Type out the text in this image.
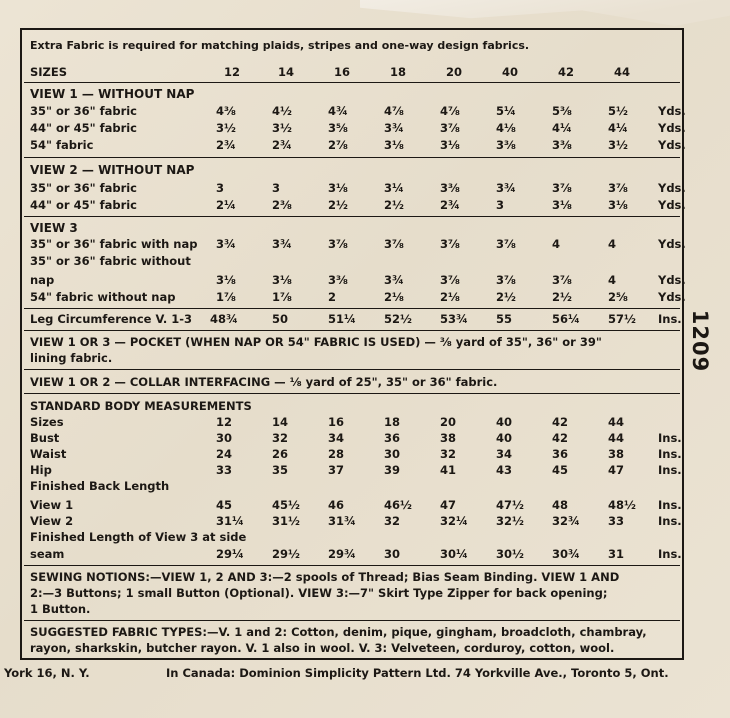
Extra Fabric is required for matching plaids, stripes and one-way design fabrics.
SIZES	12	14	16	18	20	40	42	44
VIEW 1 — WITHOUT NAP
35" or 36" fabric	4⅜	4½	4¾	4⅞	4⅞	5¼	5⅜	5½	Yds.
44" or 45" fabric	3½	3½	3⅝	3¾	3⅞	4⅛	4¼	4¼	Yds.
54" fabric	2¾	2¾	2⅞	3⅛	3⅛	3⅜	3⅜	3½	Yds.
VIEW 2 — WITHOUT NAP
35" or 36" fabric	3	3	3⅛	3¼	3⅜	3¾	3⅞	3⅞	Yds.
44" or 45" fabric	2¼	2⅜	2½	2½	2¾	3	3⅛	3⅛	Yds.
VIEW 3
35" or 36" fabric with nap 3¾	3¾	3⅞	3⅞	3⅞	3⅞	4	4	Yds.
35" or 36" fabric without
nap	3⅛	3⅛	3⅜	3¾	3⅞	3⅞	3⅞	4	Yds.
54" fabric without nap	1⅞	1⅞	2	2⅛	2⅛	2½	2½	2⅝	Yds.
Leg Circumference V. 1-3 48¾	50	51¼ 52½ 53¾ 55	56¼ 57½ Ins.
VIEW 1 OR 3 — POCKET (WHEN NAP OR 54" FABRIC IS USED) — ⅜ yard of 35", 36" or 39"
lining fabric.
VIEW 1 OR 2 — COLLAR INTERFACING — ⅛ yard of 25", 35" or 36" fabric.
STANDARD BODY MEASUREMENTS
Sizes	12	14	16	18	20	40	42	44
Bust	30	32	34	36	38	40	42	44	Ins.
Waist	24	26	28	30	32	34	36	38	Ins.
Hip	33	35	37	39	41	43	45	47	Ins.
Finished Back Length
View 1	45	45½ 46	46½ 47	47½ 48	48½ Ins.
View 2	31¼ 31½ 31¾ 32	32¼ 32½ 32¾ 33	Ins.
Finished Length of View 3 at side
seam	29¼ 29½ 29¾ 30	30¼ 30½ 30¾ 31	Ins.
SEWING NOTIONS:—VIEW 1, 2 AND 3:—2 spools of Thread; Bias Seam Binding. VIEW 1 AND
2:—3 Buttons; 1 small Button (Optional). VIEW 3:—7" Skirt Type Zipper for back opening;
1 Button.
SUGGESTED FABRIC TYPES:—V. 1 and 2: Cotton, denim, pique, gingham, broadcloth, chambray,
rayon, sharkskin, butcher rayon. V. 1 also in wool. V. 3: Velveteen, corduroy, cotton, wool.
1209
York 16, N. Y.	In Canada: Dominion Simplicity Pattern Ltd. 74 Yorkville Ave., Toronto 5, Ont.
